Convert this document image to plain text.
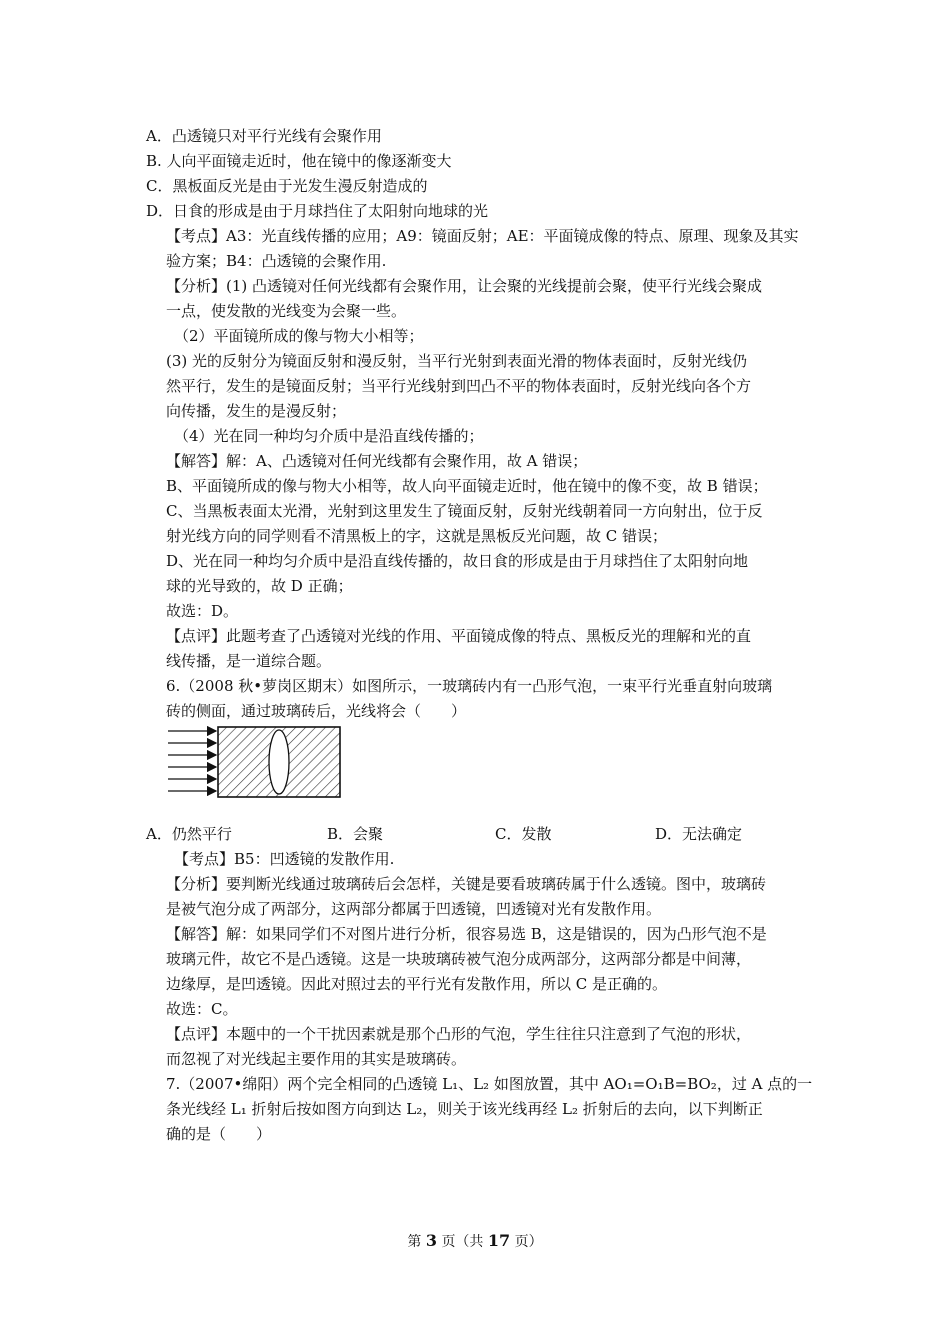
A．凸透镜只对平行光线有会聚作用
B. 人向平面镜走近时，他在镜中的像逐渐变大
C．黑板面反光是由于光发生漫反射造成的
D．日食的形成是由于月球挡住了太阳射向地球的光
【考点】A3：光直线传播的应用；A9：镜面反射；AE：平面镜成像的特点、原理、现象及其实
验方案；B4：凸透镜的会聚作用.
【分析】(1) 凸透镜对任何光线都有会聚作用，让会聚的光线提前会聚，使平行光线会聚成
一点，使发散的光线变为会聚一些。
（2）平面镜所成的像与物大小相等；
(3) 光的反射分为镜面反射和漫反射，当平行光射到表面光滑的物体表面时，反射光线仍
然平行，发生的是镜面反射；当平行光线射到凹凸不平的物体表面时，反射光线向各个方
向传播，发生的是漫反射；
（4）光在同一种均匀介质中是沿直线传播的；
【解答】解：A、凸透镜对任何光线都有会聚作用，故 A 错误；
B、平面镜所成的像与物大小相等，故人向平面镜走近时，他在镜中的像不变，故 B 错误；
C、当黑板表面太光滑，光射到这里发生了镜面反射，反射光线朝着同一方向射出，位于反
射光线方向的同学则看不清黑板上的字，这就是黑板反光问题，故 C 错误；
D、光在同一种均匀介质中是沿直线传播的，故日食的形成是由于月球挡住了太阳射向地
球的光导致的，故 D 正确；
故选：D。
【点评】此题考查了凸透镜对光线的作用、平面镜成像的特点、黑板反光的理解和光的直
线传播，是一道综合题。
6.（2008 秋•萝岗区期末）如图所示，一玻璃砖内有一凸形气泡，一束平行光垂直射向玻璃
砖的侧面，通过玻璃砖后，光线将会（　　）
A．仍然平行	B．会聚	C．发散	D．无法确定
【考点】B5：凹透镜的发散作用.
【分析】要判断光线通过玻璃砖后会怎样，关键是要看玻璃砖属于什么透镜。图中，玻璃砖
是被气泡分成了两部分，这两部分都属于凹透镜，凹透镜对光有发散作用。
【解答】解：如果同学们不对图片进行分析，很容易选 B，这是错误的，因为凸形气泡不是
玻璃元件，故它不是凸透镜。这是一块玻璃砖被气泡分成两部分，这两部分都是中间薄，
边缘厚，是凹透镜。因此对照过去的平行光有发散作用，所以 C 是正确的。
故选：C。
【点评】本题中的一个干扰因素就是那个凸形的气泡，学生往往只注意到了气泡的形状，
而忽视了对光线起主要作用的其实是玻璃砖。
7.（2007•绵阳）两个完全相同的凸透镜 L₁、L₂ 如图放置，其中 AO₁=O₁B=BO₂，过 A 点的一
条光线经 L₁ 折射后按如图方向到达 L₂，则关于该光线再经 L₂ 折射后的去向，以下判断正
确的是（　　）
第 3 页（共 17 页）
